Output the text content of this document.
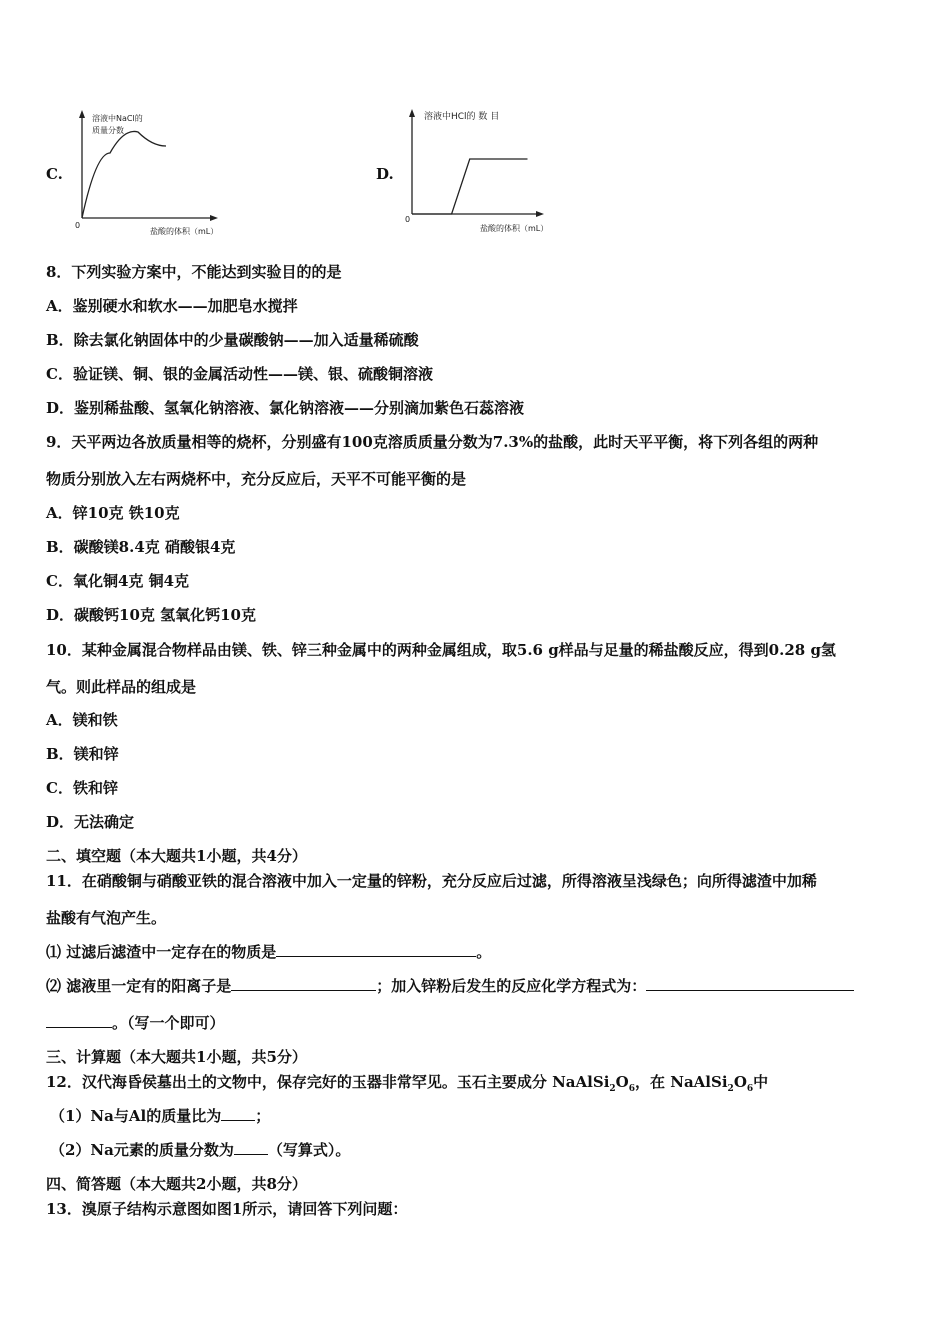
C.
溶液中NaCl的
质量分数
0
盐酸的体积（mL）
D.
溶液中HCl的 数 目
0
盐酸的体积（mL）
8．下列实验方案中，不能达到实验目的的是
A．鉴别硬水和软水——加肥皂水搅拌
B．除去氯化钠固体中的少量碳酸钠——加入适量稀硫酸
C．验证镁、铜、银的金属活动性——镁、银、硫酸铜溶液
D．鉴别稀盐酸、氢氧化钠溶液、氯化钠溶液——分别滴加紫色石蕊溶液
9．天平两边各放质量相等的烧杯，分别盛有100克溶质质量分数为7.3%的盐酸，此时天平平衡，将下列各组的两种
物质分别放入左右两烧杯中，充分反应后，天平不可能平衡的是
A．锌10克 铁10克
B．碳酸镁8.4克 硝酸银4克
C．氧化铜4克 铜4克
D．碳酸钙10克 氢氧化钙10克
10．某种金属混合物样品由镁、铁、锌三种金属中的两种金属组成，取5.6 g样品与足量的稀盐酸反应，得到0.28 g氢
气。则此样品的组成是
A．镁和铁
B．镁和锌
C．铁和锌
D．无法确定
二、填空题（本大题共1小题，共4分）
11．在硝酸铜与硝酸亚铁的混合溶液中加入一定量的锌粉，充分反应后过滤，所得溶液呈浅绿色；向所得滤渣中加稀
盐酸有气泡产生。
⑴ 过滤后滤渣中一定存在的物质是	。
⑵ 滤液里一定有的阳离子是	；加入锌粉后发生的反应化学方程式为：
。（写一个即可）
三、计算题（本大题共1小题，共5分）
12．汉代海昏侯墓出土的文物中，保存完好的玉器非常罕见。玉石主要成分 $NaAlSi_2O_6$，在 $NaAlSi_2O_6$中
（1）Na与Al的质量比为 ；
（2）Na元素的质量分数为 （写算式）。
四、简答题（本大题共2小题，共8分）
13．溴原子结构示意图如图1所示，请回答下列问题：
